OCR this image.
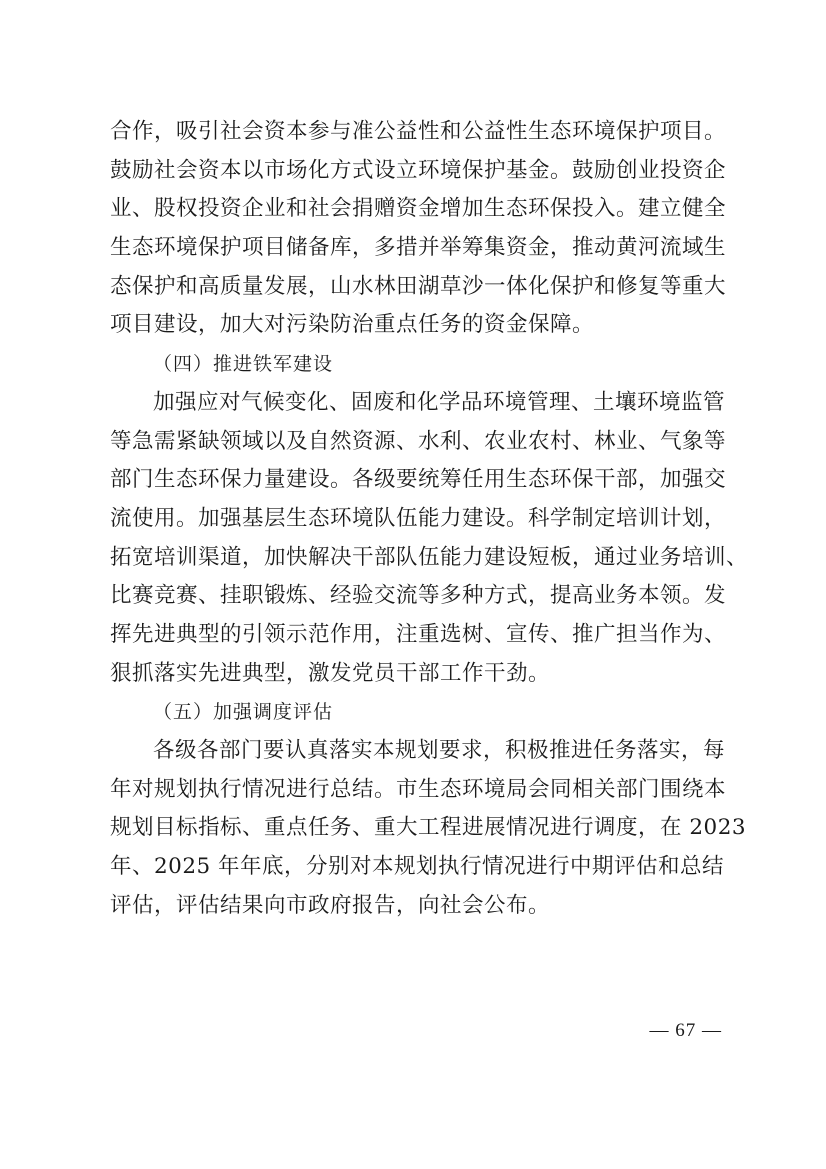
合作，吸引社会资本参与准公益性和公益性生态环境保护项目。
鼓励社会资本以市场化方式设立环境保护基金。鼓励创业投资企
业、股权投资企业和社会捐赠资金增加生态环保投入。建立健全
生态环境保护项目储备库，多措并举筹集资金，推动黄河流域生
态保护和高质量发展，山水林田湖草沙一体化保护和修复等重大
项目建设，加大对污染防治重点任务的资金保障。
（四）推进铁军建设
加强应对气候变化、固废和化学品环境管理、土壤环境监管
等急需紧缺领域以及自然资源、水利、农业农村、林业、气象等
部门生态环保力量建设。各级要统筹任用生态环保干部，加强交
流使用。加强基层生态环境队伍能力建设。科学制定培训计划，
拓宽培训渠道，加快解决干部队伍能力建设短板，通过业务培训、
比赛竞赛、挂职锻炼、经验交流等多种方式，提高业务本领。发
挥先进典型的引领示范作用，注重选树、宣传、推广担当作为、
狠抓落实先进典型，激发党员干部工作干劲。
（五）加强调度评估
各级各部门要认真落实本规划要求，积极推进任务落实，每
年对规划执行情况进行总结。市生态环境局会同相关部门围绕本
规划目标指标、重点任务、重大工程进展情况进行调度，在 2023
年、2025 年年底，分别对本规划执行情况进行中期评估和总结
评估，评估结果向市政府报告，向社会公布。
— 67 —
